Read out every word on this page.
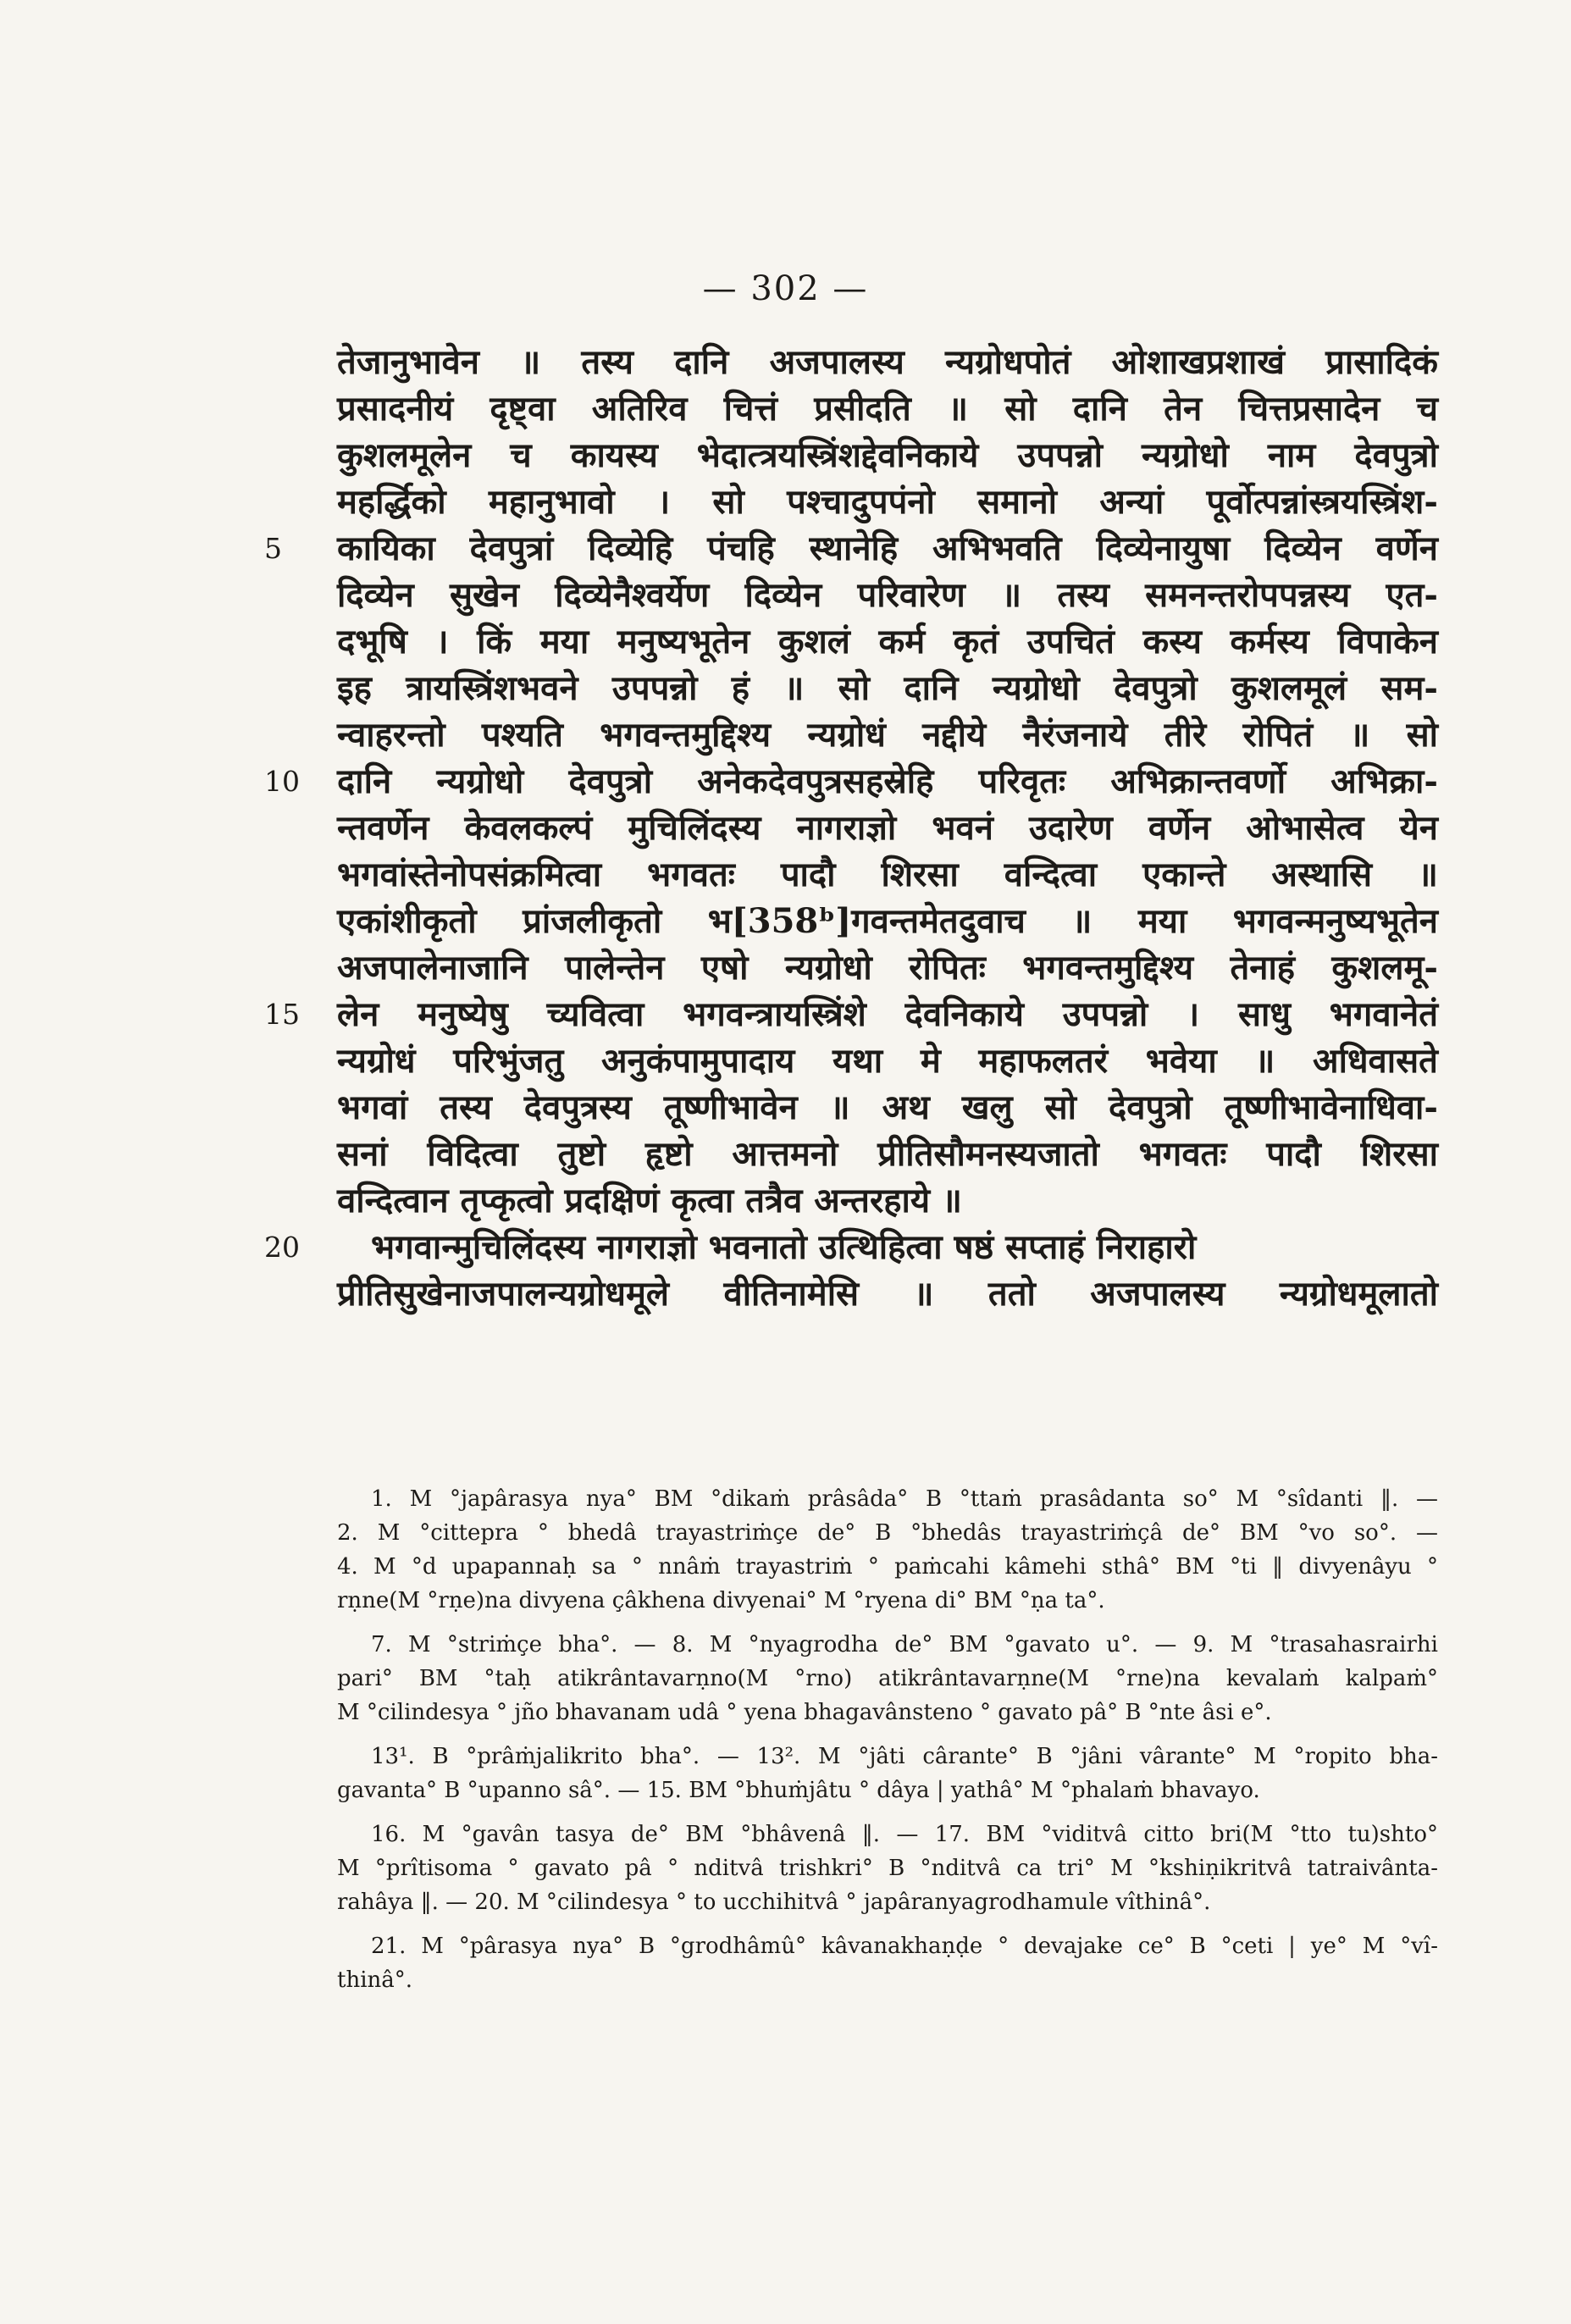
— 302 —
तेजानुभावेन ॥ तस्य दानि अजपालस्य न्यग्रोधपोतं ओशाखप्रशाखं प्रासादिकं
प्रसादनीयं दृष्ट्वा अतिरिव चित्तं प्रसीदति ॥ सो दानि तेन चित्तप्रसादेन च
कुशलमूलेन च कायस्य भेदात्त्रयस्त्रिंशद्देवनिकाये उपपन्नो न्यग्रोधो नाम देवपुत्रो
महर्द्धिको महानुभावो । सो पश्चादुपपंनो समानो अन्यां पूर्वोत्पन्नांस्त्रयस्त्रिंश-
5 कायिका देवपुत्रां दिव्येहि पंचहि स्थानेहि अभिभवति दिव्येनायुषा दिव्येन वर्णेन
दिव्येन सुखेन दिव्येनैश्वर्येण दिव्येन परिवारेण ॥ तस्य समनन्तरोपपन्नस्य एत-
दभूषि । किं मया मनुष्यभूतेन कुशलं कर्म कृतं उपचितं कस्य कर्मस्य विपाकेन
इह त्रायस्त्रिंशभवने उपपन्नो हं ॥ सो दानि न्यग्रोधो देवपुत्रो कुशलमूलं सम-
न्वाहरन्तो पश्यति भगवन्तमुद्दिश्य न्यग्रोधं नद्दीये नैरंजनाये तीरे रोपितं ॥ सो
10 दानि न्यग्रोधो देवपुत्रो अनेकदेवपुत्रसहस्रेहि परिवृतः अभिक्रान्तवर्णो अभिक्रा-
न्तवर्णेन केवलकल्पं मुचिलिंदस्य नागराज्ञो भवनं उदारेण वर्णेन ओभासेत्व येन
भगवांस्तेनोपसंक्रमित्वा भगवतः पादौ शिरसा वन्दित्वा एकान्ते अस्थासि ॥
एकांशीकृतो प्रांजलीकृतो भ[358ᵇ]गवन्तमेतदुवाच ॥ मया भगवन्मनुष्यभूतेन
अजपालेनाजानि पालेन्तेन एषो न्यग्रोधो रोपितः भगवन्तमुद्दिश्य तेनाहं कुशलमू-
15 लेन मनुष्येषु च्यवित्वा भगवन्त्रायस्त्रिंशे देवनिकाये उपपन्नो । साधु भगवानेतं
न्यग्रोधं परिभुंजतु अनुकंपामुपादाय यथा मे महाफलतरं भवेया ॥ अधिवासते
भगवां तस्य देवपुत्रस्य तूष्णीभावेन ॥ अथ खलु सो देवपुत्रो तूष्णीभावेनाधिवा-
सनां विदित्वा तुष्टो हृष्टो आत्तमनो प्रीतिसौमनस्यजातो भगवतः पादौ शिरसा
वन्दित्वान तृप्कृत्वो प्रदक्षिणं कृत्वा तत्रैव अन्तरहाये ॥
20 भगवान्मुचिलिंदस्य नागराज्ञो भवनातो उत्थिहित्वा षष्ठं सप्ताहं निराहारो
प्रीतिसुखेनाजपालन्यग्रोधमूले वीतिनामेसि ॥ ततो अजपालस्य न्यग्रोधमूलातो
1. M °japârasya nya° BM °dikaṁ prâsâda° B °ttaṁ prasâdanta so° M °sîdanti ‖. —
2. M °cittepra ° bhedâ trayastriṁçe de° B °bhedâs trayastriṁçâ de° BM °vo so°. —
4. M °d upapannaḥ sa ° nnâṁ trayastriṁ ° paṁcahi kâmehi sthâ° BM °ti ‖ divyenâyu °
rṇne(M °rṇe)na divyena çâkhena divyenai° M °ryena di° BM °ṇa ta°.
7. M °striṁçe bha°. — 8. M °nyagrodha de° BM °gavato u°. — 9. M °trasahasrairhi
pari° BM °taḥ atikrântavarṇno(M °rno) atikrântavarṇne(M °rne)na kevalaṁ kalpaṁ°
M °cilindesya ° jño bhavanam udâ ° yena bhagavânsteno ° gavato pâ° B °nte âsi e°.
13¹. B °prâṁjalikrito bha°. — 13². M °jâti cârante° B °jâni vârante° M °ropito bha-
gavanta° B °upanno sâ°. — 15. BM °bhuṁjâtu ° dâya | yathâ° M °phalaṁ bhavayo.
16. M °gavân tasya de° BM °bhâvenâ ‖. — 17. BM °viditvâ citto bri(M °tto tu)shto°
M °prîtisoma ° gavato pâ ° nditvâ trishkri° B °nditvâ ca tri° M °kshiṇikritvâ tatraivânta-
rahâya ‖. — 20. M °cilindesya ° to ucchihitvâ ° japâranyagrodhamule vîthinâ°.
21. M °pârasya nya° B °grodhâmû° kâvanakhaṇḍe ° devajake ce° B °ceti | ye° M °vî-
thinâ°.
